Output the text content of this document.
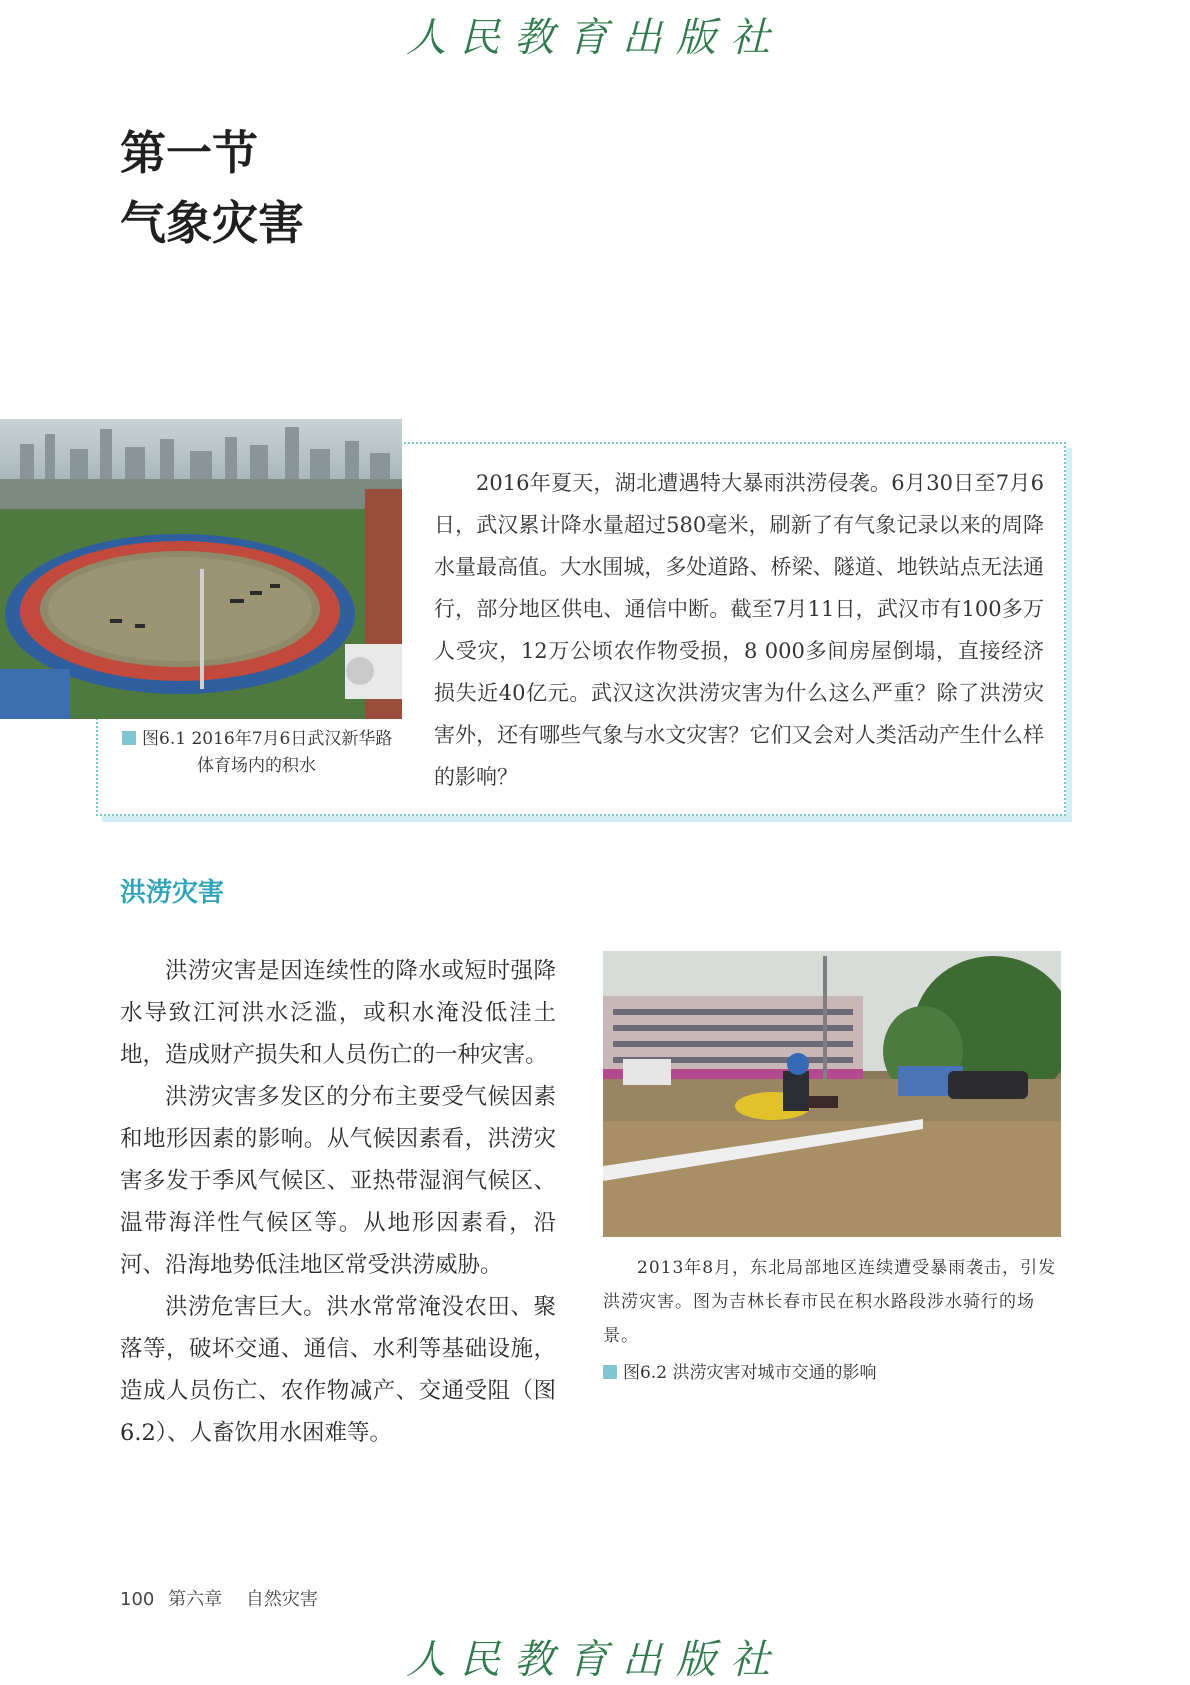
人民教育出版社
第一节
气象灾害
图6.1 2016年7月6日武汉新华路
体育场内的积水

2016年夏天，湖北遭遇特大暴雨洪涝侵袭。6月30日至7月6日，武汉累计降水量超过580毫米，刷新了有气象记录以来的周降水量最高值。大水围城，多处道路、桥梁、隧道、地铁站点无法通行，部分地区供电、通信中断。截至7月11日，武汉市有100多万人受灾，12万公顷农作物受损，8 000多间房屋倒塌，直接经济损失近40亿元。武汉这次洪涝灾害为什么这么严重？除了洪涝灾害外，还有哪些气象与水文灾害？它们又会对人类活动产生什么样的影响？

洪涝灾害

洪涝灾害是因连续性的降水或短时强降水导致江河洪水泛滥，或积水淹没低洼土地，造成财产损失和人员伤亡的一种灾害。

洪涝灾害多发区的分布主要受气候因素和地形因素的影响。从气候因素看，洪涝灾害多发于季风气候区、亚热带湿润气候区、温带海洋性气候区等。从地形因素看，沿河、沿海地势低洼地区常受洪涝威胁。

洪涝危害巨大。洪水常常淹没农田、聚落等，破坏交通、通信、水利等基础设施，造成人员伤亡、农作物减产、交通受阻（图6.2）、人畜饮用水困难等。

2013年8月，东北局部地区连续遭受暴雨袭击，引发洪涝灾害。图为吉林长春市民在积水路段涉水骑行的场景。

图6.2 洪涝灾害对城市交通的影响
100 第六章 自然灾害
人民教育出版社
